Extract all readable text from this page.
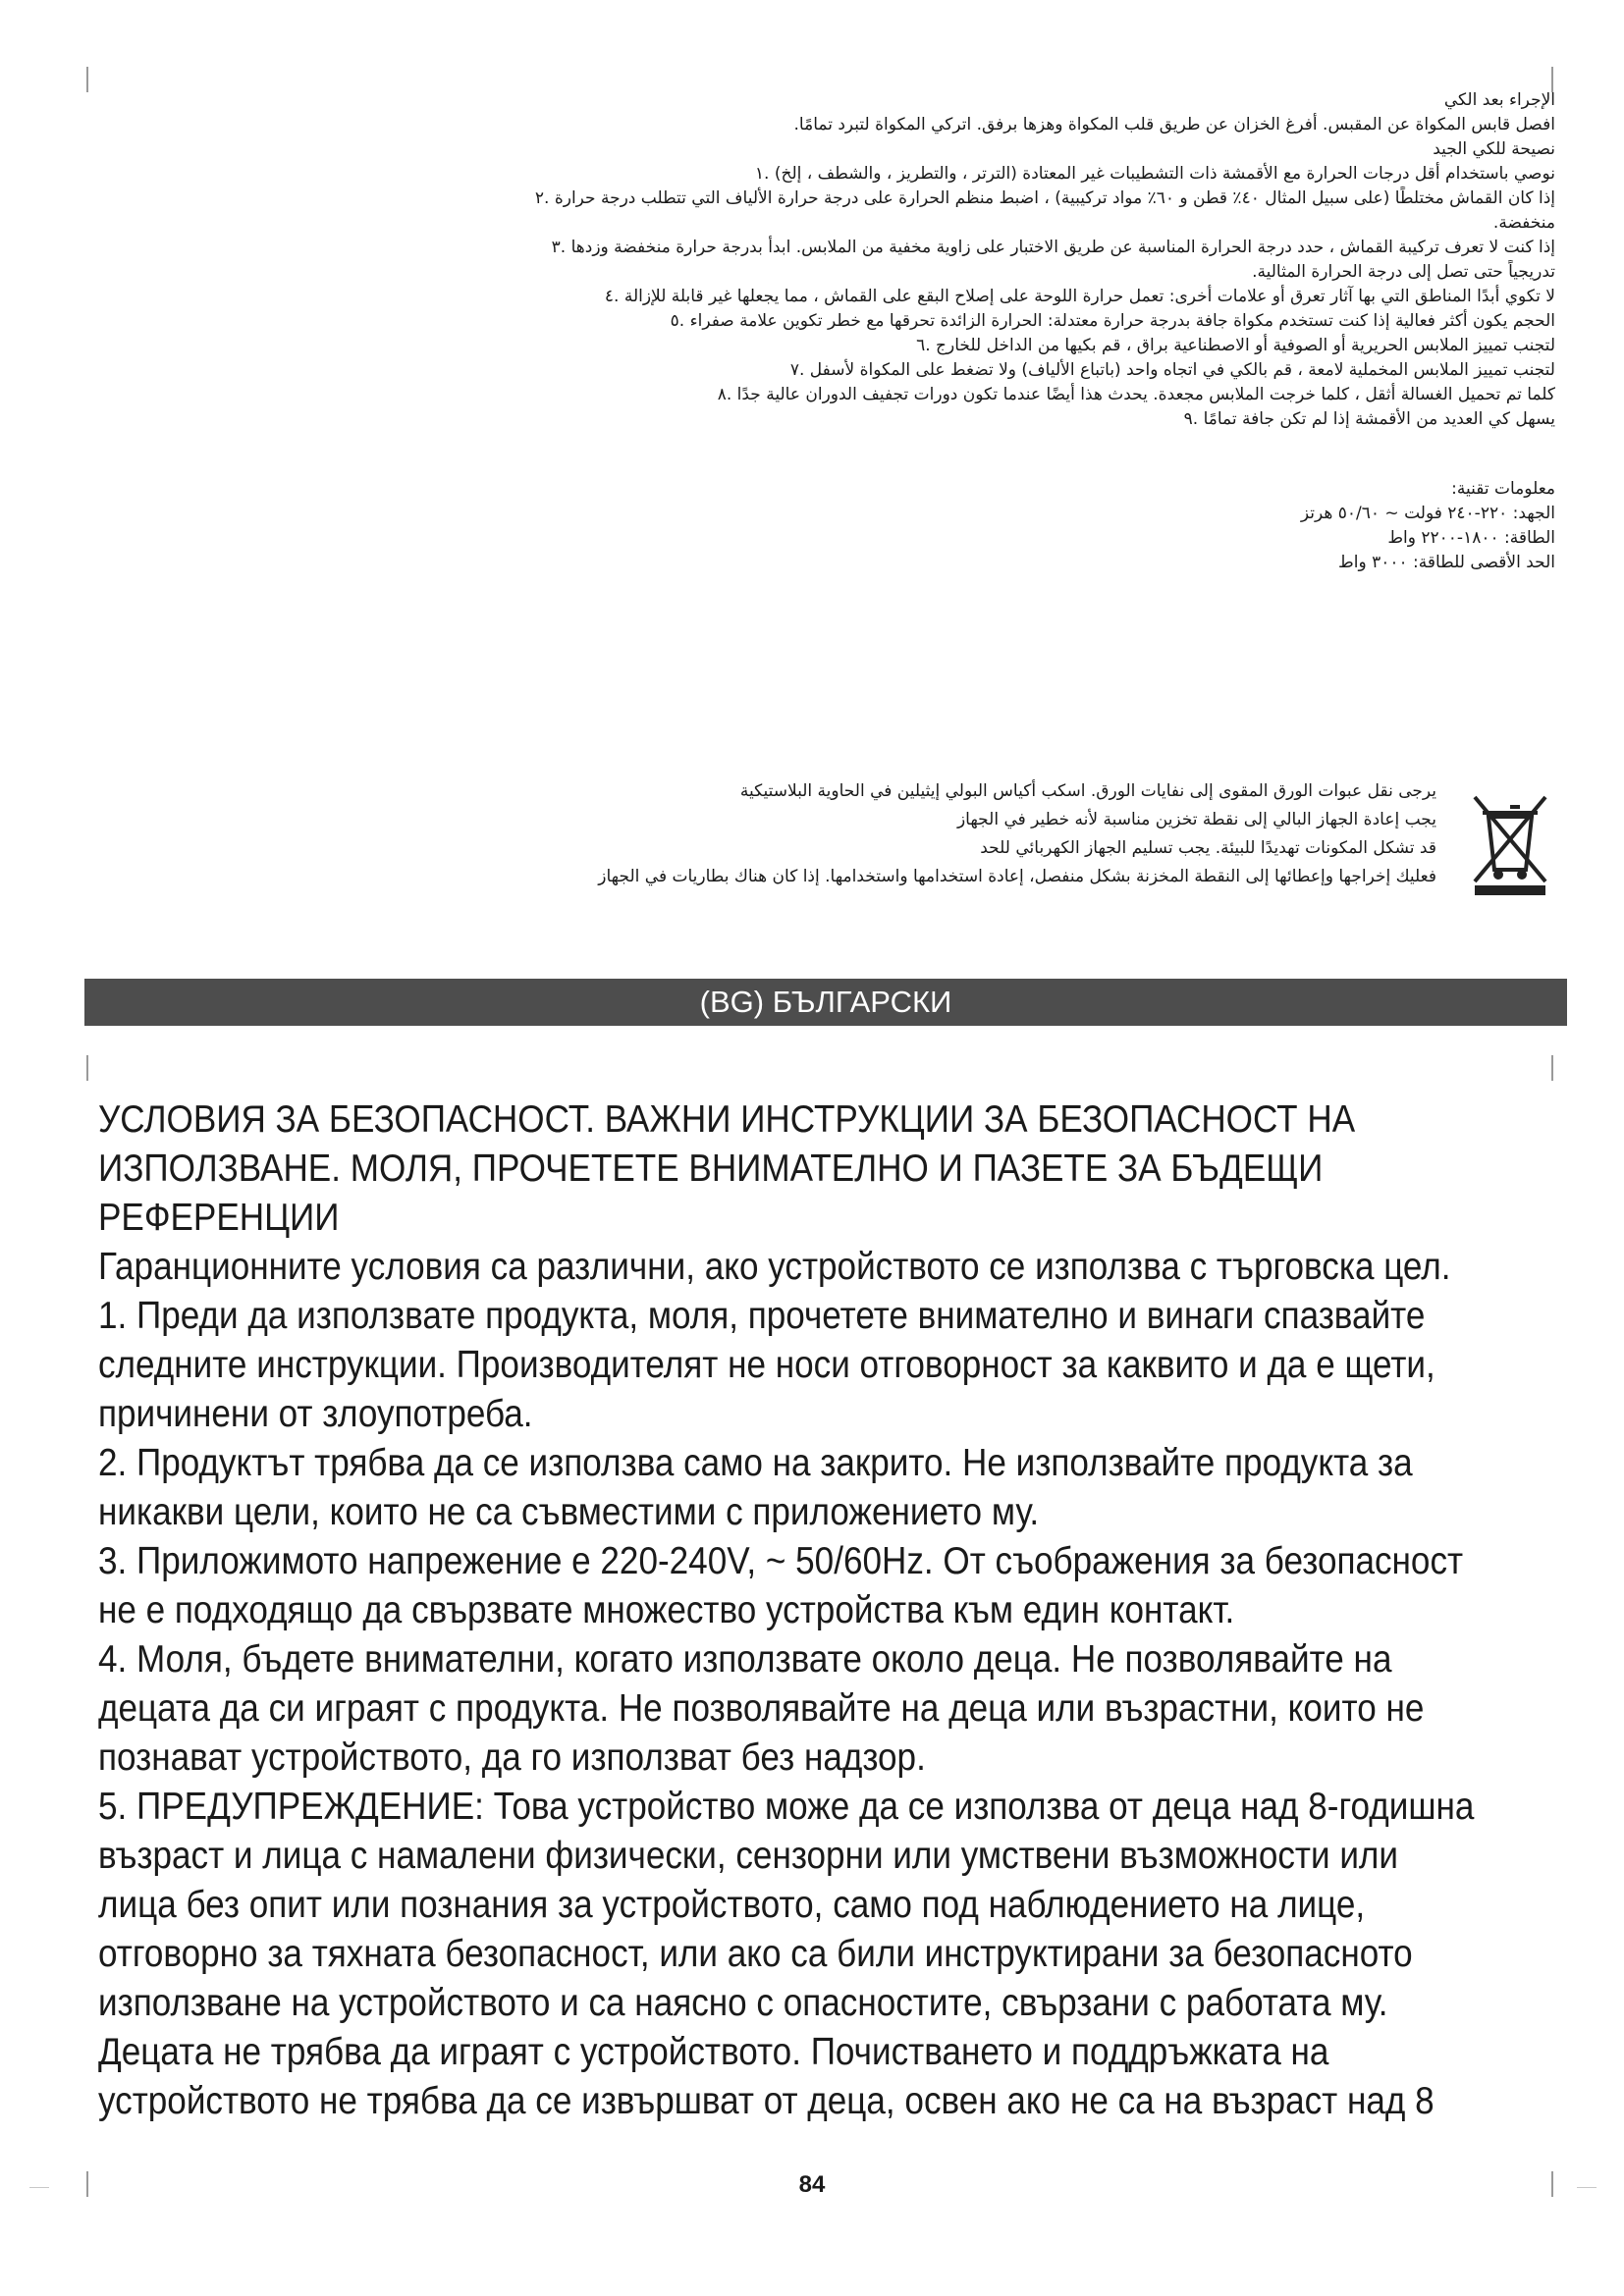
الإجراء بعد الكي
افصل قابس المكواة عن المقبس. أفرغ الخزان عن طريق قلب المكواة وهزها برفق. اتركي المكواة لتبرد تمامًا.
نصيحة للكي الجيد
نوصي باستخدام أقل درجات الحرارة مع الأقمشة ذات التشطيبات غير المعتادة (الترتر ، والتطريز ، والشطف ، إلخ) .١
إذا كان القماش مختلطًا (على سبيل المثال ٤٠٪ قطن و ٦٠٪ مواد تركيبية) ، اضبط منظم الحرارة على درجة حرارة الألياف التي تتطلب درجة حرارة .٢
منخفضة.
إذا كنت لا تعرف تركيبة القماش ، حدد درجة الحرارة المناسبة عن طريق الاختبار على زاوية مخفية من الملابس. ابدأ بدرجة حرارة منخفضة وزدها .٣
تدريجياً حتى تصل إلى درجة الحرارة المثالية.
لا تكوي أبدًا المناطق التي بها آثار تعرق أو علامات أخرى: تعمل حرارة اللوحة على إصلاح البقع على القماش ، مما يجعلها غير قابلة للإزالة .٤
الحجم يكون أكثر فعالية إذا كنت تستخدم مكواة جافة بدرجة حرارة معتدلة: الحرارة الزائدة تحرقها مع خطر تكوين علامة صفراء .٥
لتجنب تمييز الملابس الحريرية أو الصوفية أو الاصطناعية براق ، قم بكيها من الداخل للخارج .٦
لتجنب تمييز الملابس المخملية لامعة ، قم بالكي في اتجاه واحد (باتباع الألياف) ولا تضغط على المكواة لأسفل .٧
كلما تم تحميل الغسالة أثقل ، كلما خرجت الملابس مجعدة. يحدث هذا أيضًا عندما تكون دورات تجفيف الدوران عالية جدًا .٨
يسهل كي العديد من الأقمشة إذا لم تكن جافة تمامًا .٩
معلومات تقنية:
الجهد: ٢٢٠-٢٤٠ فولت ~ ٥٠/٦٠ هرتز
الطاقة: ١٨٠٠-٢٢٠٠ واط
الحد الأقصى للطاقة: ٣٠٠٠ واط
يرجى نقل عبوات الورق المقوى إلى نفايات الورق. اسكب أكياس البولي إيثيلين في الحاوية البلاستيكية
يجب إعادة الجهاز البالي إلى نقطة تخزين مناسبة لأنه خطير في الجهاز
قد تشكل المكونات تهديدًا للبيئة. يجب تسليم الجهاز الكهربائي للحد
فعليك إخراجها وإعطائها إلى النقطة المخزنة بشكل منفصل، إعادة استخدامها واستخدامها. إذا كان هناك بطاريات في الجهاز
(BG) БЪЛГАРСКИ
УСЛОВИЯ ЗА БЕЗОПАСНОСТ. ВАЖНИ ИНСТРУКЦИИ ЗА БЕЗОПАСНОСТ НА
ИЗПОЛЗВАНЕ. МОЛЯ, ПРОЧЕТЕТЕ ВНИМАТЕЛНО И ПАЗЕТЕ ЗА БЪДЕЩИ
РЕФЕРЕНЦИИ
Гаранционните условия са различни, ако устройството се използва с търговска цел.
1. Преди да използвате продукта, моля, прочетете внимателно и винаги спазвайте
следните инструкции. Производителят не носи отговорност за каквито и да е щети,
причинени от злоупотреба.
2. Продуктът трябва да се използва само на закрито. Не използвайте продукта за
никакви цели, които не са съвместими с приложението му.
3. Приложимото напрежение е 220-240V, ~ 50/60Hz. От съображения за безопасност
не е подходящо да свързвате множество устройства към един контакт.
4. Моля, бъдете внимателни, когато използвате около деца. Не позволявайте на
децата да си играят с продукта. Не позволявайте на деца или възрастни, които не
познават устройството, да го използват без надзор.
5. ПРЕДУПРЕЖДЕНИЕ: Това устройство може да се използва от деца над 8-годишна
възраст и лица с намалени физически, сензорни или умствени възможности или
лица без опит или познания за устройството, само под наблюдението на лице,
отговорно за тяхната безопасност, или ако са били инструктирани за безопасното
използване на устройството и са наясно с опасностите, свързани с работата му.
Децата не трябва да играят с устройството. Почистването и поддръжката на
устройството не трябва да се извършват от деца, освен ако не са на възраст над 8
84
